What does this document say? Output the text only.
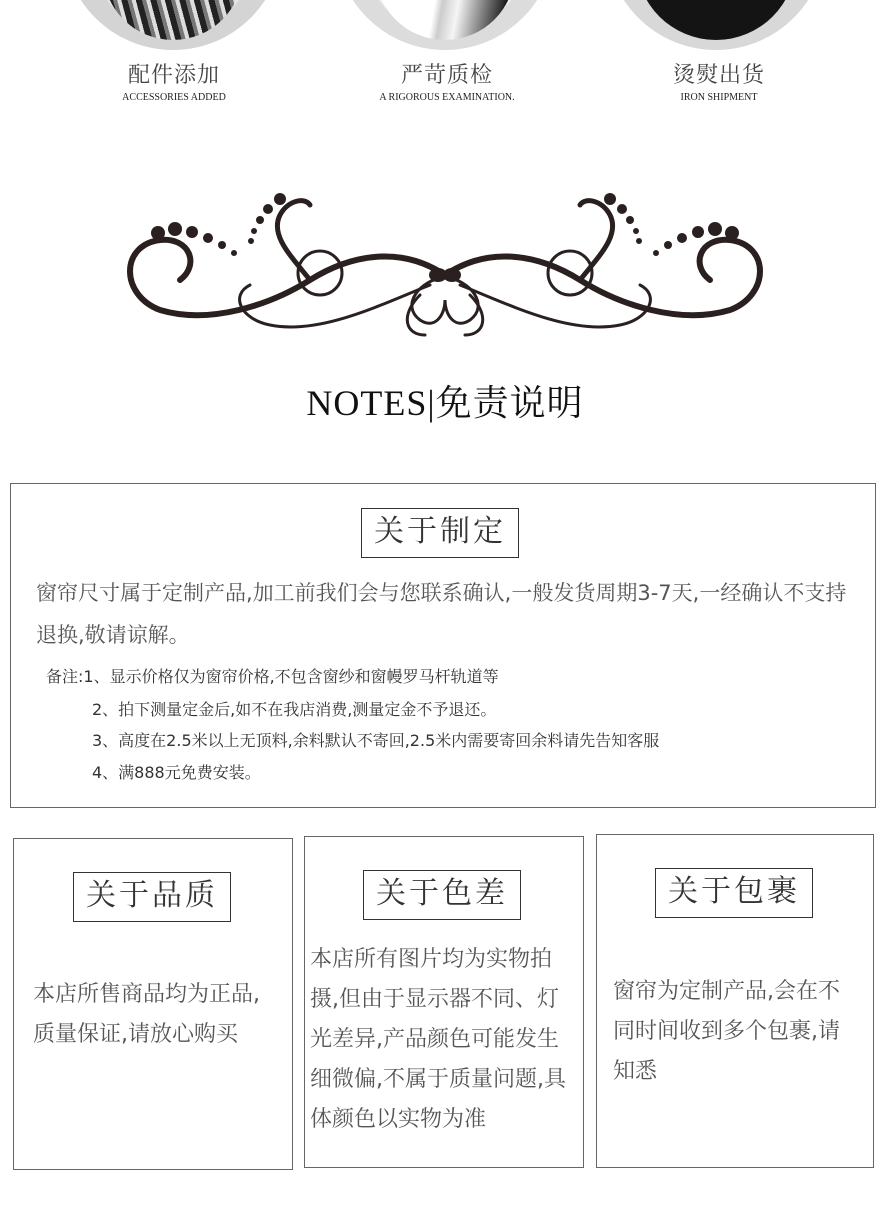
配件添加
ACCESSORIES ADDED
严苛质检
A RIGOROUS EXAMINATION.
烫熨出货
IRON SHIPMENT
NOTES|免责说明
关于制定
窗帘尺寸属于定制产品,加工前我们会与您联系确认,一般发货周期3-7天,一经确认不支持退换,敬请谅解。
备注:1、显示价格仅为窗帘价格,不包含窗纱和窗幔罗马杆轨道等
2、拍下测量定金后,如不在我店消费,测量定金不予退还。
3、高度在2.5米以上无顶料,余料默认不寄回,2.5米内需要寄回余料请先告知客服
4、满888元免费安装。
关于品质
本店所售商品均为正品,质量保证,请放心购买
关于色差
本店所有图片均为实物拍摄,但由于显示器不同、灯光差异,产品颜色可能发生细微偏,不属于质量问题,具体颜色以实物为准
关于包裹
窗帘为定制产品,会在不同时间收到多个包裹,请知悉
